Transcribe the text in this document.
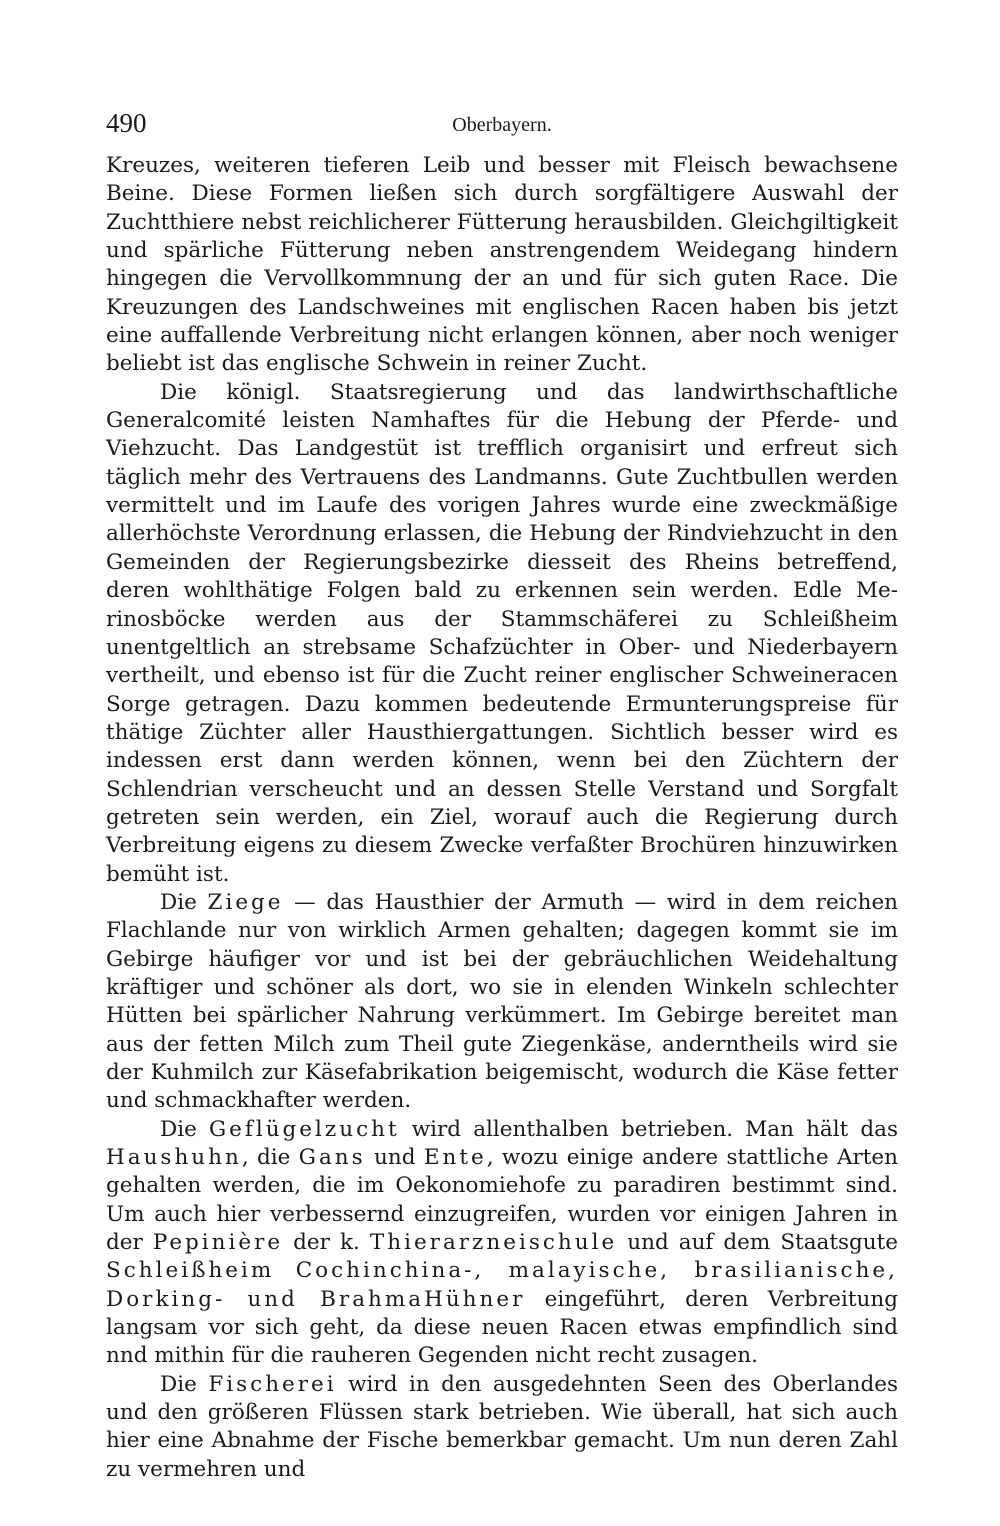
490	Oberbayern.

Kreuzes, weiteren tieferen Leib und besser mit Fleisch bewachsene Beine. Diese Formen ließen sich durch sorgfältigere Auswahl der Zuchtthiere nebst reichlicherer Fütterung herausbilden. Gleichgiltigkeit und spärliche Fütterung neben anstrengendem Weidegang hindern hingegen die Vervollkommnung der an und für sich guten Race. Die Kreuzungen des Landschweines mit englischen Racen haben bis jetzt eine auffallende Verbreitung nicht erlangen können, aber noch weniger beliebt ist das englische Schwein in reiner Zucht.

Die königl. Staatsregierung und das landwirthschaftliche Generalcomité leisten Namhaftes für die Hebung der Pferde- und Viehzucht. Das Landgestüt ist trefflich organisirt und erfreut sich täglich mehr des Vertrauens des Landmanns. Gute Zuchtbullen werden vermittelt und im Laufe des vorigen Jahres wurde eine zweckmäßige allerhöchste Verordnung erlassen, die Hebung der Rindviehzucht in den Gemeinden der Regierungsbezirke diesseit des Rheins betreffend, deren wohlthätige Folgen bald zu erkennen sein werden. Edle Merinosböcke werden aus der Stammschäferei zu Schleißheim unentgeltlich an strebsame Schafzüchter in Ober- und Niederbayern vertheilt, und ebenso ist für die Zucht reiner englischer Schweineracen Sorge getragen. Dazu kommen bedeutende Ermunterungspreise für thätige Züchter aller Hausthiergattungen. Sichtlich besser wird es indessen erst dann werden können, wenn bei den Züchtern der Schlendrian verscheucht und an dessen Stelle Verstand und Sorgfalt getreten sein werden, ein Ziel, worauf auch die Regierung durch Verbreitung eigens zu diesem Zwecke verfaßter Brochüren hinzuwirken bemüht ist.

Die Ziege — das Hausthier der Armuth — wird in dem reichen Flachlande nur von wirklich Armen gehalten; dagegen kommt sie im Gebirge häufiger vor und ist bei der gebräuchlichen Weidehaltung kräftiger und schöner als dort, wo sie in elenden Winkeln schlechter Hütten bei spärlicher Nahrung verkümmert. Im Gebirge bereitet man aus der fetten Milch zum Theil gute Ziegenkäse, anderntheils wird sie der Kuhmilch zur Käsefabrikation beigemischt, wodurch die Käse fetter und schmackhafter werden.

Die Geflügelzucht wird allenthalben betrieben. Man hält das Haushuhn, die Gans und Ente, wozu einige andere stattliche Arten gehalten werden, die im Oekonomiehofe zu paradiren bestimmt sind. Um auch hier verbessernd einzugreifen, wurden vor einigen Jahren in der Pepinière der k. Thierarzneischule und auf dem Staatsgute Schleißheim Cochinchina-, malayische, brasilianische, Dorking- und BrahmaHühner eingeführt, deren Verbreitung langsam vor sich geht, da diese neuen Racen etwas empfindlich sind nnd mithin für die rauheren Gegenden nicht recht zusagen.

Die Fischerei wird in den ausgedehnten Seen des Oberlandes und den größeren Flüssen stark betrieben. Wie überall, hat sich auch hier eine Abnahme der Fische bemerkbar gemacht. Um nun deren Zahl zu vermehren und
